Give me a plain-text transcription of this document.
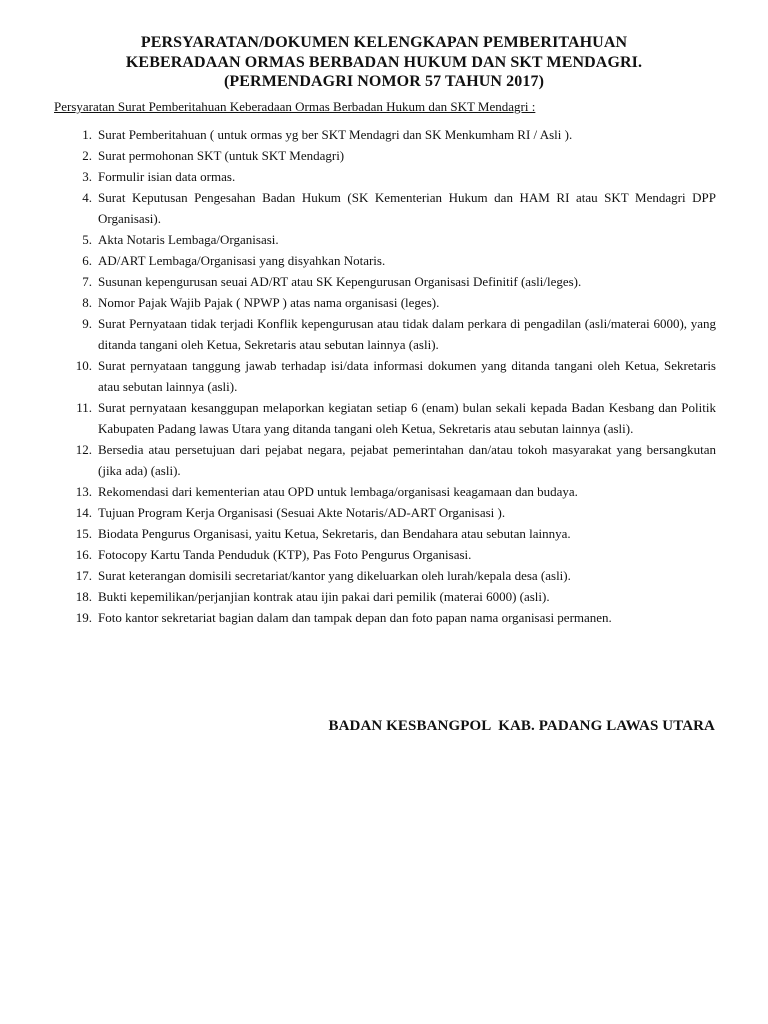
PERSYARATAN/DOKUMEN KELENGKAPAN PEMBERITAHUAN
KEBERADAAN ORMAS BERBADAN HUKUM DAN SKT MENDAGRI.
(PERMENDAGRI NOMOR 57 TAHUN 2017)
Persyaratan Surat Pemberitahuan Keberadaan Ormas Berbadan Hukum dan SKT Mendagri :
1. Surat Pemberitahuan ( untuk ormas yg ber SKT Mendagri dan SK Menkumham RI / Asli ).
2. Surat permohonan SKT (untuk SKT Mendagri)
3. Formulir isian data ormas.
4. Surat Keputusan Pengesahan Badan Hukum (SK Kementerian Hukum dan HAM RI atau SKT Mendagri DPP Organisasi).
5. Akta Notaris Lembaga/Organisasi.
6. AD/ART Lembaga/Organisasi yang disyahkan Notaris.
7. Susunan kepengurusan seuai AD/RT atau SK Kepengurusan Organisasi Definitif (asli/leges).
8. Nomor Pajak Wajib Pajak ( NPWP ) atas nama organisasi (leges).
9. Surat Pernyataan tidak terjadi Konflik kepengurusan atau tidak dalam perkara di pengadilan (asli/materai 6000), yang ditanda tangani oleh Ketua, Sekretaris atau sebutan lainnya (asli).
10. Surat pernyataan tanggung jawab terhadap isi/data informasi dokumen yang ditanda tangani oleh Ketua, Sekretaris atau sebutan lainnya (asli).
11. Surat pernyataan kesanggupan melaporkan kegiatan setiap 6 (enam) bulan sekali kepada Badan Kesbang dan Politik Kabupaten Padang lawas Utara yang ditanda tangani oleh Ketua, Sekretaris atau sebutan lainnya (asli).
12. Bersedia atau persetujuan dari pejabat negara, pejabat pemerintahan dan/atau tokoh masyarakat yang bersangkutan (jika ada) (asli).
13. Rekomendasi dari kementerian atau OPD untuk lembaga/organisasi keagamaan dan budaya.
14. Tujuan Program Kerja Organisasi (Sesuai Akte Notaris/AD-ART Organisasi ).
15. Biodata Pengurus Organisasi, yaitu Ketua, Sekretaris, dan Bendahara atau sebutan lainnya.
16. Fotocopy Kartu Tanda Penduduk (KTP), Pas Foto Pengurus Organisasi.
17. Surat keterangan domisili secretariat/kantor yang dikeluarkan oleh lurah/kepala desa (asli).
18. Bukti kepemilikan/perjanjian kontrak atau ijin pakai dari pemilik (materai 6000) (asli).
19. Foto kantor sekretariat bagian dalam dan tampak depan dan foto papan nama organisasi permanen.
BADAN KESBANGPOL  KAB. PADANG LAWAS UTARA
